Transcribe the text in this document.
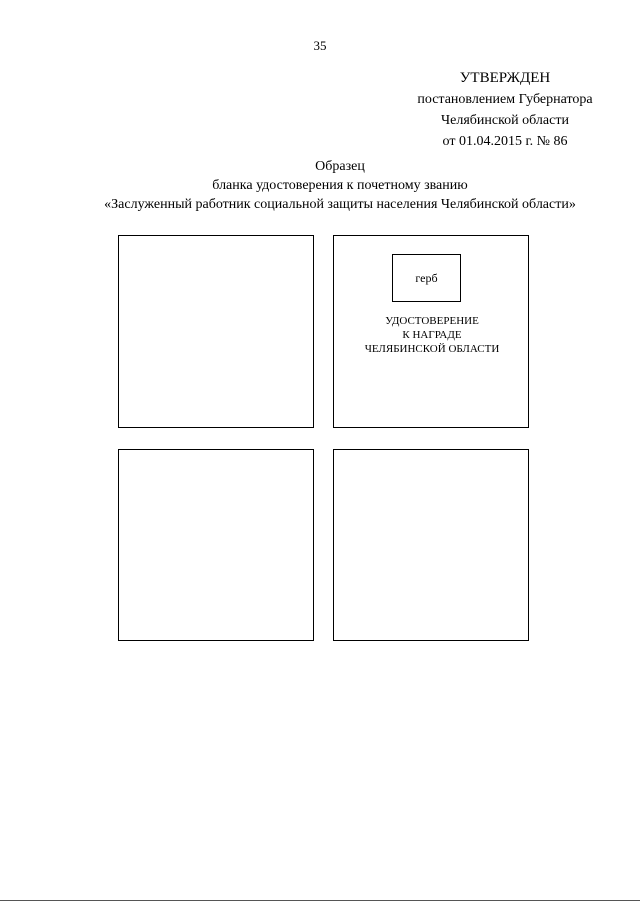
35
УТВЕРЖДЕН
постановлением Губернатора
Челябинской области
от 01.04.2015 г. № 86
Образец
бланка удостоверения к почетному званию
«Заслуженный работник социальной защиты населения Челябинской области»
герб
УДОСТОВЕРЕНИЕ
К НАГРАДЕ
ЧЕЛЯБИНСКОЙ ОБЛАСТИ
